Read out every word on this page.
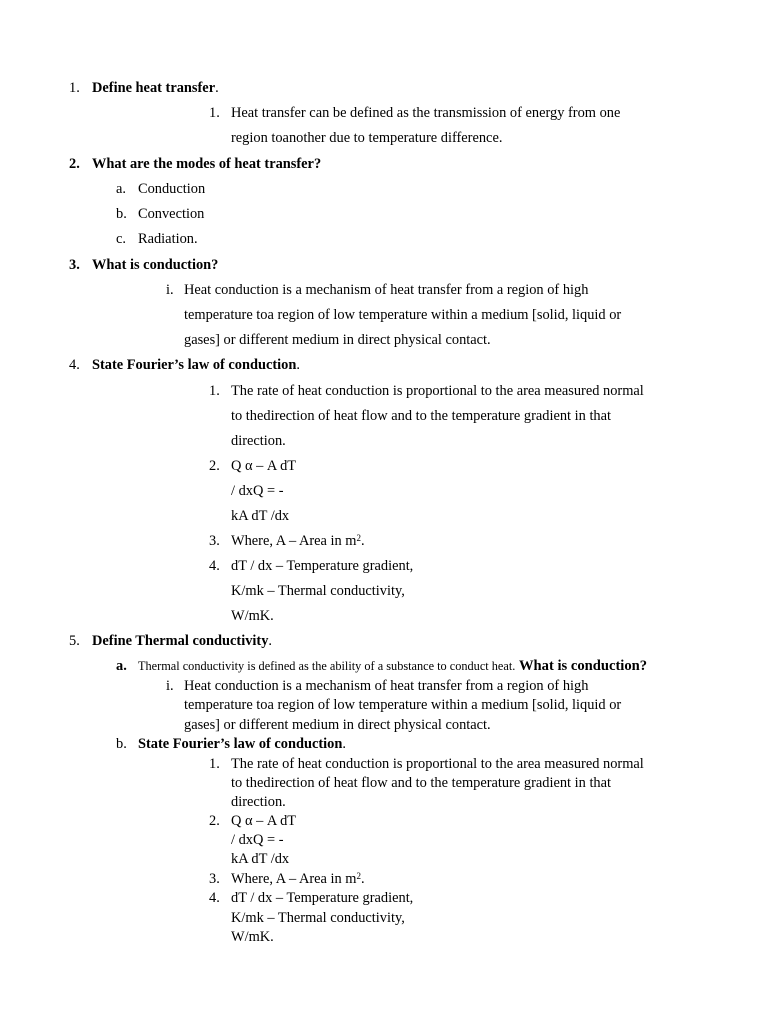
1. Define heat transfer.
1. Heat transfer can be defined as the transmission of energy from one
region toanother due to temperature difference.
2. What are the modes of heat transfer?
a. Conduction
b. Convection
c. Radiation.
3. What is conduction?
i. Heat conduction is a mechanism of heat transfer from a region of high
temperature toa region of low temperature within a medium [solid, liquid or
gases] or different medium in direct physical contact.
4. State Fourier’s law of conduction.
1. The rate of heat conduction is proportional to the area measured normal
to thedirection of heat flow and to the temperature gradient in that
direction.
2. Q α – A dT
/ dxQ = -
kA dT /dx
3. Where, A – Area in $m^2$.
4. dT / dx – Temperature gradient,
K/mk – Thermal conductivity,
W/mK.
5. Define Thermal conductivity.
a. Thermal conductivity is defined as the ability of a substance to conduct heat. What is conduction?
i. Heat conduction is a mechanism of heat transfer from a region of high
temperature toa region of low temperature within a medium [solid, liquid or
gases] or different medium in direct physical contact.
b. State Fourier’s law of conduction.
1. The rate of heat conduction is proportional to the area measured normal
to thedirection of heat flow and to the temperature gradient in that
direction.
2. Q α – A dT
/ dxQ = -
kA dT /dx
3. Where, A – Area in $m^2$.
4. dT / dx – Temperature gradient,
K/mk – Thermal conductivity,
W/mK.
